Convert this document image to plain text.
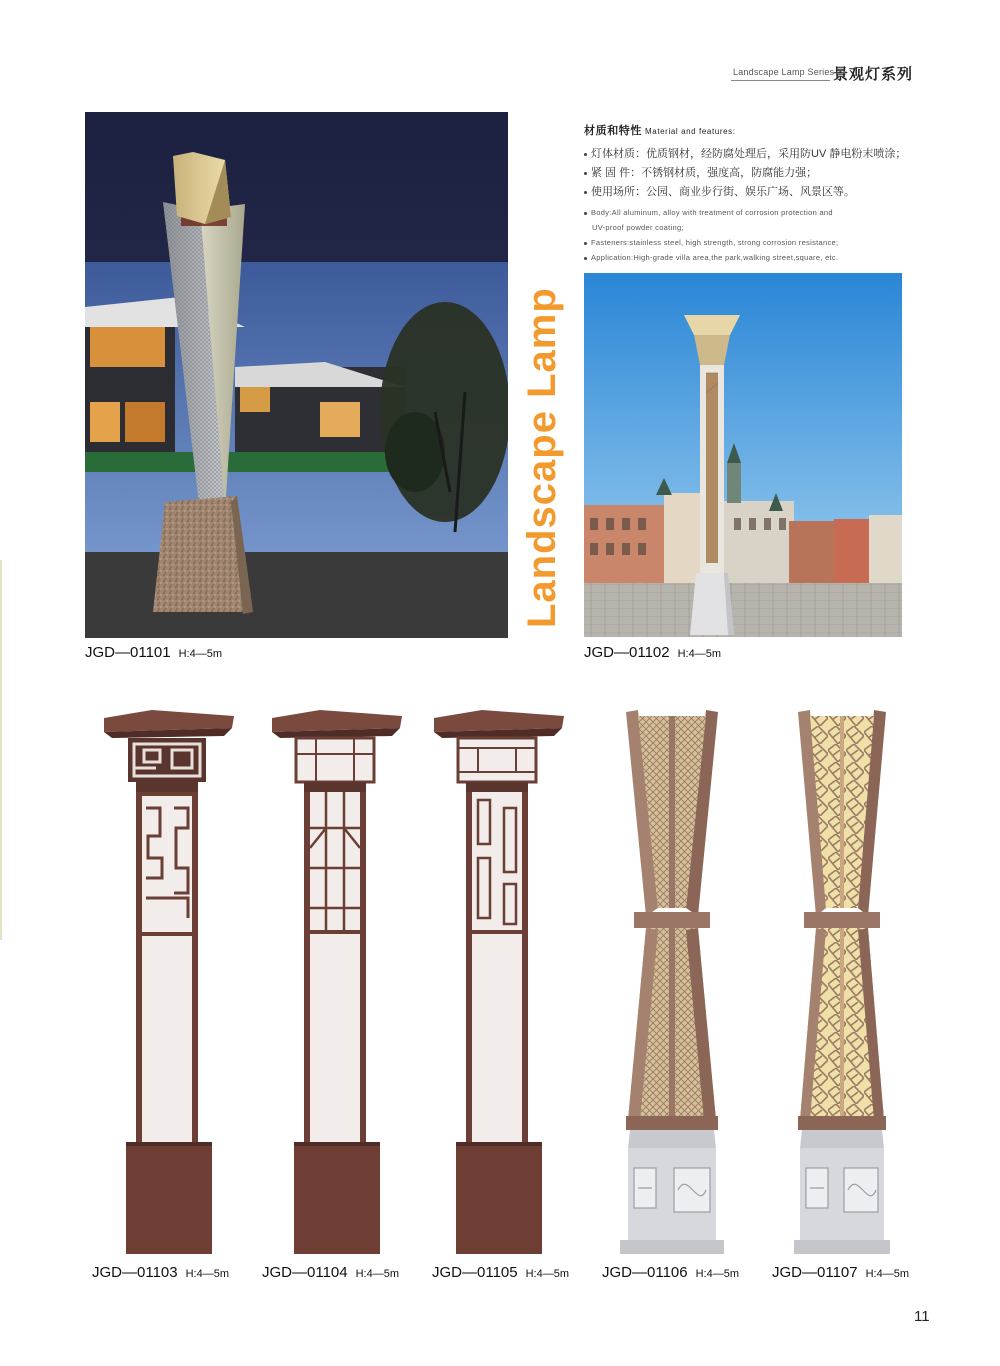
Landscape Lamp Series
景观灯系列
材质和特性 Material and features:
灯体材质：优质钢材，经防腐处理后，采用防UV 静电粉末喷涂；
紧 固 件：不锈钢材质，强度高，防腐能力强；
使用场所：公园、商业步行街、娱乐广场、风景区等。
Body:All aluminum, alloy with treatment of corrosion protection and
UV-proof powder coating;
Fasteners:stainless steel, high strength, strong corrosion resistance;
Application:High-grade villa area,the park,walking street,square, etc.
Landscape Lamp
JGD—01101 H:4—5m	JGD—01102 H:4—5m
JGD—01103 H:4—5m JGD—01104 H:4—5m JGD—01105 H:4—5m JGD—01106 H:4—5m JGD—01107 H:4—5m
11
